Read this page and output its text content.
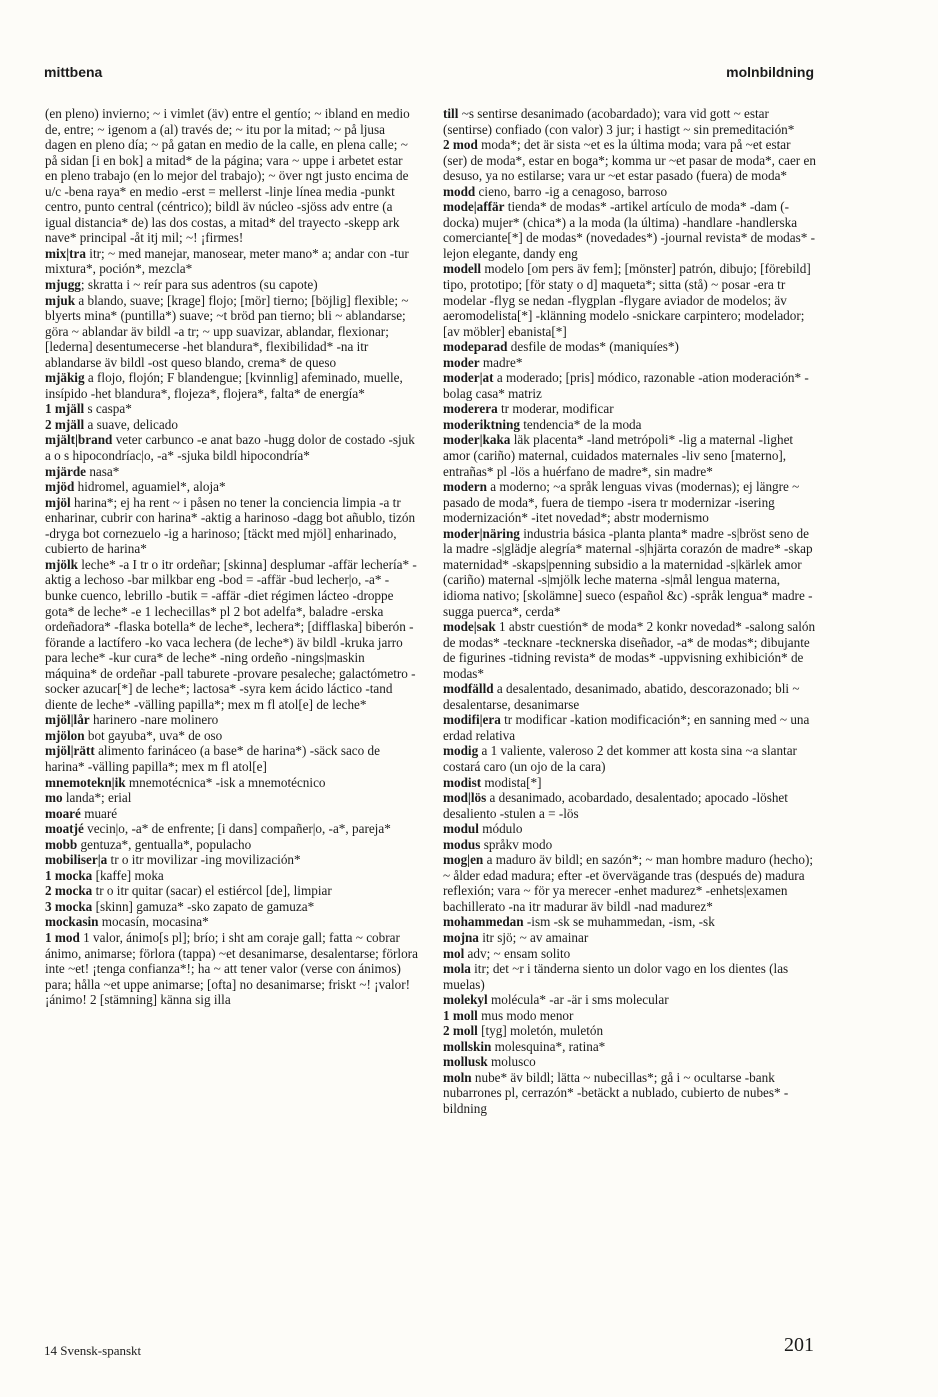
mittbena	molnbildning

(en pleno) invierno; ~ i vimlet (äv) entre el gentío; ~ ibland en medio de, entre; ~ igenom a (al) través de; ~ itu por la mitad; ~ på ljusa dagen en pleno día; ~ på gatan en medio de la calle, en plena calle; ~ på sidan [i en bok] a mitad* de la página; vara ~ uppe i arbetet estar en pleno trabajo (en lo mejor del trabajo); ~ över ngt justo encima de u/c -bena raya* en medio -erst = mellerst -linje línea media -punkt centro, punto central (céntrico); bildl äv núcleo -sjöss adv entre (a igual distancia* de) las dos costas, a mitad* del trayecto -skepp ark nave* principal -åt itj mil; ~! ¡firmes!

mix|tra itr; ~ med manejar, manosear, meter mano* a; andar con -tur mixtura*, poción*, mezcla*

mjugg; skratta i ~ reír para sus adentros (su capote)

mjuk a blando, suave; [krage] flojo; [mör] tierno; [böjlig] flexible; ~ blyerts mina* (puntilla*) suave; ~t bröd pan tierno; bli ~ ablandarse; göra ~ ablandar äv bildl -a tr; ~ upp suavizar, ablandar, flexionar; [lederna] desentumecerse -het blandura*, flexibilidad* -na itr ablandarse äv bildl -ost queso blando, crema* de queso

mjäkig a flojo, flojón; F blandengue; [kvinnlig] afeminado, muelle, insípido -het blandura*, flojeza*, flojera*, falta* de energía*

1 mjäll s caspa*

2 mjäll a suave, delicado

mjält|brand veter carbunco -e anat bazo -hugg dolor de costado -sjuk a o s hipocondríac|o, -a* -sjuka bildl hipocondría*

mjärde nasa*

mjöd hidromel, aguamiel*, aloja*

mjöl harina*; ej ha rent ~ i påsen no tener la conciencia limpia -a tr enharinar, cubrir con harina* -aktig a harinoso -dagg bot añublo, tizón -dryga bot cornezuelo -ig a harinoso; [täckt med mjöl] enharinado, cubierto de harina*

mjölk leche* -a I tr o itr ordeñar; [skinna] desplumar -affär lechería* -aktig a lechoso -bar milkbar eng -bod = -affär -bud lecher|o, -a* -bunke cuenco, lebrillo -butik = -affär -diet régimen lácteo -droppe gota* de leche* -e 1 lechecillas* pl 2 bot adelfa*, baladre -erska ordeñadora* -flaska botella* de leche*, lechera*; [difflaska] biberón -förande a lactífero -ko vaca lechera (de leche*) äv bildl -kruka jarro para leche* -kur cura* de leche* -ning ordeño -nings|maskin máquina* de ordeñar -pall taburete -provare pesaleche; galactómetro -socker azucar[*] de leche*; lactosa* -syra kem ácido láctico -tand diente de leche* -välling papilla*; mex m fl atol[e] de leche*

mjöl|lår harinero -nare molinero

mjölon bot gayuba*, uva* de oso

mjöl|rätt alimento farináceo (a base* de harina*) -säck saco de harina* -välling papilla*; mex m fl atol[e]

mnemotekn|ik mnemotécnica* -isk a mnemotécnico

mo landa*; erial

moaré muaré

moatjé vecin|o, -a* de enfrente; [i dans] compañer|o, -a*, pareja*

mobb gentuza*, gentualla*, populacho

mobiliser|a tr o itr movilizar -ing movilización*

1 mocka [kaffe] moka

2 mocka tr o itr quitar (sacar) el estiércol [de], limpiar

3 mocka [skinn] gamuza* -sko zapato de gamuza*

mockasin mocasín, mocasina*

1 mod 1 valor, ánimo[s pl]; brío; i sht am coraje gall; fatta ~ cobrar ánimo, animarse; förlora (tappa) ~et desanimarse, desalentarse; förlora inte ~et! ¡tenga confianza*!; ha ~ att tener valor (verse con ánimos) para; hålla ~et uppe animarse; [ofta] no desanimarse; friskt ~! ¡valor! ¡ánimo! 2 [stämning] känna sig illa

till ~s sentirse desanimado (acobardado); vara vid gott ~ estar (sentirse) confiado (con valor) 3 jur; i hastigt ~ sin premeditación*

2 mod moda*; det är sista ~et es la última moda; vara på ~et estar (ser) de moda*, estar en boga*; komma ur ~et pasar de moda*, caer en desuso, ya no estilarse; vara ur ~et estar pasado (fuera) de moda*

modd cieno, barro -ig a cenagoso, barroso

mode|affär tienda* de modas* -artikel artículo de moda* -dam (-docka) mujer* (chica*) a la moda (la última) -handlare -handlerska comerciante[*] de modas* (novedades*) -journal revista* de modas* -lejon elegante, dandy eng

modell modelo [om pers äv fem]; [mönster] patrón, dibujo; [förebild] tipo, prototipo; [för staty o d] maqueta*; sitta (stå) ~ posar -era tr modelar -flyg se nedan -flygplan -flygare aviador de modelos; äv aeromodelista[*] -klänning modelo -snickare carpintero; modelador; [av möbler] ebanista[*]

modeparad desfile de modas* (maniquíes*)

moder madre*

moder|at a moderado; [pris] módico, razonable -ation moderación* -bolag casa* matriz

moderera tr moderar, modificar

moderiktning tendencia* de la moda

moder|kaka läk placenta* -land metrópoli* -lig a maternal -lighet amor (cariño) maternal, cuidados maternales -liv seno [materno], entrañas* pl -lös a huérfano de madre*, sin madre*

modern a moderno; ~a språk lenguas vivas (modernas); ej längre ~ pasado de moda*, fuera de tiempo -isera tr modernizar -isering modernización* -itet novedad*; abstr modernismo

moder|näring industria básica -planta planta* madre -s|bröst seno de la madre -s|glädje alegría* maternal -s|hjärta corazón de madre* -skap maternidad* -skaps|penning subsidio a la maternidad -s|kärlek amor (cariño) maternal -s|mjölk leche materna -s|mål lengua materna, idioma nativo; [skolämne] sueco (español &c) -språk lengua* madre -sugga puerca*, cerda*

mode|sak 1 abstr cuestión* de moda* 2 konkr novedad* -salong salón de modas* -tecknare -tecknerska diseñador, -a* de modas*; dibujante de figurines -tidning revista* de modas* -uppvisning exhibición* de modas*

modfälld a desalentado, desanimado, abatido, descorazonado; bli ~ desalentarse, desanimarse

modifi|era tr modificar -kation modificación*; en sanning med ~ una erdad relativa

modig a 1 valiente, valeroso 2 det kommer att kosta sina ~a slantar costará caro (un ojo de la cara)

modist modista[*]

mod|lös a desanimado, acobardado, desalentado; apocado -löshet desaliento -stulen a = -lös

modul módulo

modus språkv modo

mog|en a maduro äv bildl; en sazón*; ~ man hombre maduro (hecho); ~ ålder edad madura; efter -et övervägande tras (después de) madura reflexión; vara ~ för ya merecer -enhet madurez* -enhets|examen bachillerato -na itr madurar äv bildl -nad madurez*

mohammedan -ism -sk se muhammedan, -ism, -sk

mojna itr sjö; ~ av amainar

mol adv; ~ ensam solito

mola itr; det ~r i tänderna siento un dolor vago en los dientes (las muelas)

molekyl molécula* -ar -är i sms molecular

1 moll mus modo menor

2 moll [tyg] moletón, muletón

mollskin molesquina*, ratina*

mollusk molusco

moln nube* äv bildl; lätta ~ nubecillas*; gå i ~ ocultarse -bank nubarrones pl, cerrazón* -betäckt a nublado, cubierto de nubes* -bildning

14 Svensk-spanskt	201
